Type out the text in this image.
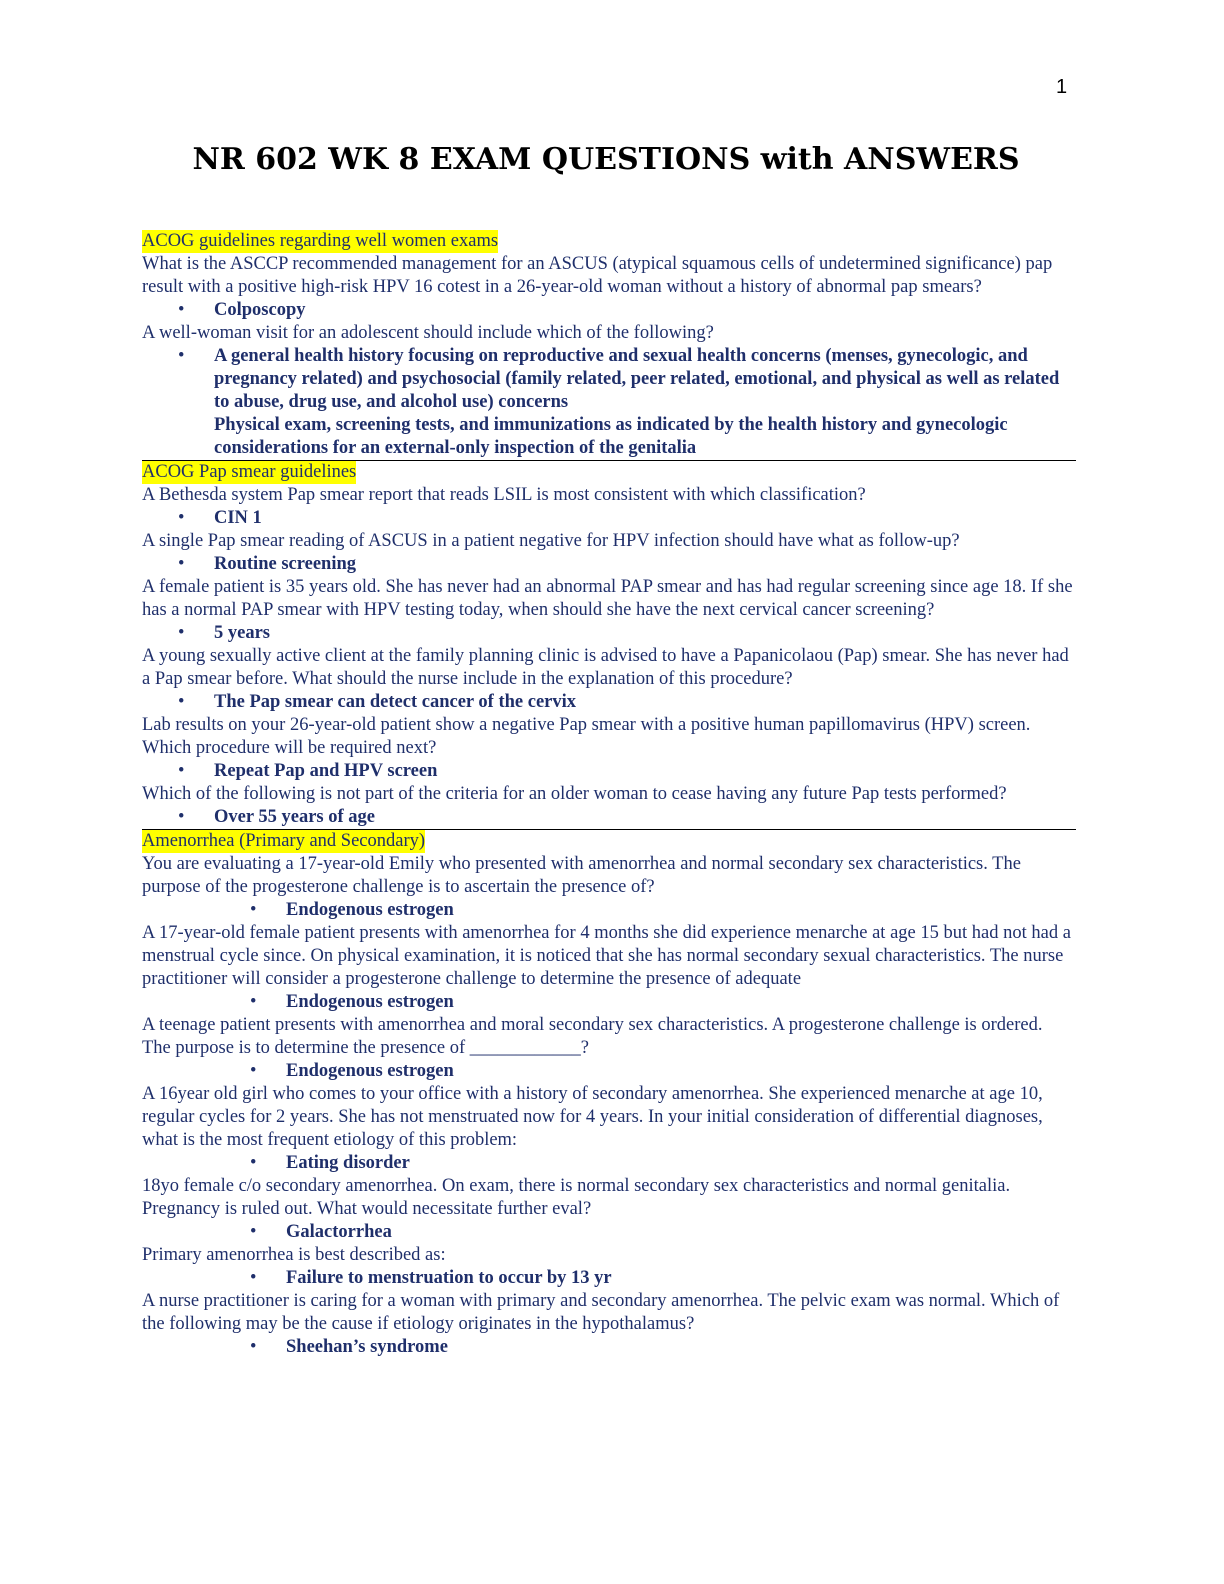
1
NR 602 WK 8 EXAM QUESTIONS with ANSWERS
ACOG guidelines regarding well women exams

What is the ASCCP recommended management for an ASCUS (atypical squamous cells of undetermined significance) pap result with a positive high-risk HPV 16 cotest in a 26-year-old woman without a history of abnormal pap smears?

• Colposcopy

A well-woman visit for an adolescent should include which of the following?

• A general health history focusing on reproductive and sexual health concerns (menses, gynecologic, and pregnancy related) and psychosocial (family related, peer related, emotional, and physical as well as related to abuse, drug use, and alcohol use) concerns
Physical exam, screening tests, and immunizations as indicated by the health history and gynecologic considerations for an external-only inspection of the genitalia
ACOG Pap smear guidelines

A Bethesda system Pap smear report that reads LSIL is most consistent with which classification?

• CIN 1

A single Pap smear reading of ASCUS in a patient negative for HPV infection should have what as follow-up?

• Routine screening

A female patient is 35 years old. She has never had an abnormal PAP smear and has had regular screening since age 18. If she has a normal PAP smear with HPV testing today, when should she have the next cervical cancer screening?

• 5 years

A young sexually active client at the family planning clinic is advised to have a Papanicolaou (Pap) smear. She has never had a Pap smear before. What should the nurse include in the explanation of this procedure?

• The Pap smear can detect cancer of the cervix

Lab results on your 26-year-old patient show a negative Pap smear with a positive human papillomavirus (HPV) screen. Which procedure will be required next?

• Repeat Pap and HPV screen

Which of the following is not part of the criteria for an older woman to cease having any future Pap tests performed?

• Over 55 years of age
Amenorrhea (Primary and Secondary)

You are evaluating a 17-year-old Emily who presented with amenorrhea and normal secondary sex characteristics. The purpose of the progesterone challenge is to ascertain the presence of?

• Endogenous estrogen

A 17-year-old female patient presents with amenorrhea for 4 months she did experience menarche at age 15 but had not had a menstrual cycle since. On physical examination, it is noticed that she has normal secondary sexual characteristics. The nurse practitioner will consider a progesterone challenge to determine the presence of adequate

• Endogenous estrogen

A teenage patient presents with amenorrhea and moral secondary sex characteristics. A progesterone challenge is ordered. The purpose is to determine the presence of ____________?

• Endogenous estrogen

A 16year old girl who comes to your office with a history of secondary amenorrhea. She experienced menarche at age 10, regular cycles for 2 years. She has not menstruated now for 4 years. In your initial consideration of differential diagnoses, what is the most frequent etiology of this problem:

• Eating disorder

18yo female c/o secondary amenorrhea. On exam, there is normal secondary sex characteristics and normal genitalia. Pregnancy is ruled out. What would necessitate further eval?

• Galactorrhea

Primary amenorrhea is best described as:

• Failure to menstruation to occur by 13 yr

A nurse practitioner is caring for a woman with primary and secondary amenorrhea. The pelvic exam was normal. Which of the following may be the cause if etiology originates in the hypothalamus?

• Sheehan’s syndrome
